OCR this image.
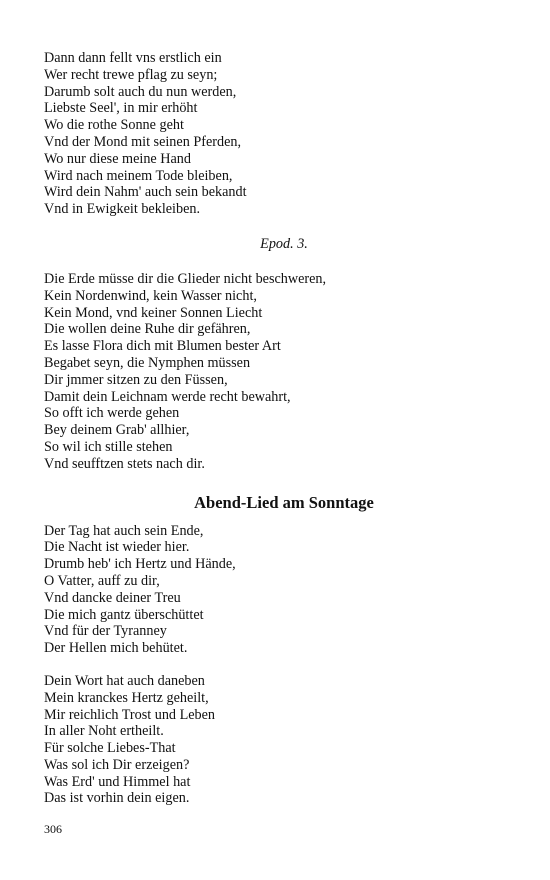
Dann dann fellt vns erstlich ein
Wer recht trewe pflag zu seyn;
Darumb solt auch du nun werden,
Liebste Seel', in mir erhöht
Wo die rothe Sonne geht
Vnd der Mond mit seinen Pferden,
Wo nur diese meine Hand
Wird nach meinem Tode bleiben,
Wird dein Nahm' auch sein bekandt
Vnd in Ewigkeit bekleiben.
Epod. 3.
Die Erde müsse dir die Glieder nicht beschweren,
Kein Nordenwind, kein Wasser nicht,
Kein Mond, vnd keiner Sonnen Liecht
Die wollen deine Ruhe dir gefähren,
Es lasse Flora dich mit Blumen bester Art
Begabet seyn, die Nymphen müssen
Dir jmmer sitzen zu den Füssen,
Damit dein Leichnam werde recht bewahrt,
So offt ich werde gehen
Bey deinem Grab' allhier,
So wil ich stille stehen
Vnd seufftzen stets nach dir.
Abend-Lied am Sonntage
Der Tag hat auch sein Ende,
Die Nacht ist wieder hier.
Drumb heb' ich Hertz und Hände,
O Vatter, auff zu dir,
Vnd dancke deiner Treu
Die mich gantz überschüttet
Vnd für der Tyranney
Der Hellen mich behütet.
Dein Wort hat auch daneben
Mein kranckes Hertz geheilt,
Mir reichlich Trost und Leben
In aller Noht ertheilt.
Für solche Liebes-That
Was sol ich Dir erzeigen?
Was Erd' und Himmel hat
Das ist vorhin dein eigen.
306
